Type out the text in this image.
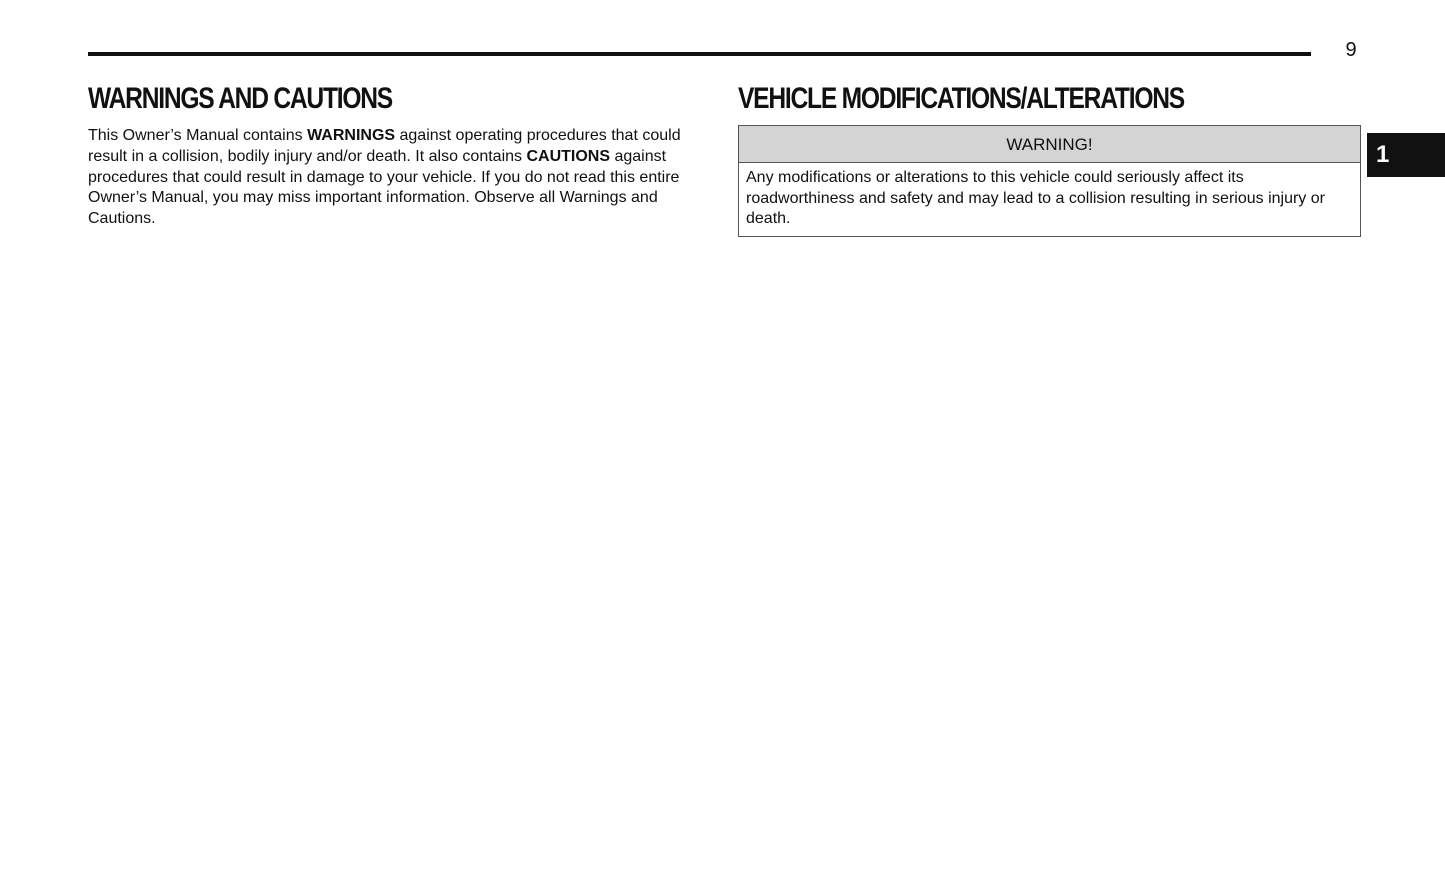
9
WARNINGS AND CAUTIONS

This Owner’s Manual contains WARNINGS against operating procedures that could result in a collision, bodily injury and/or death. It also contains CAUTIONS against procedures that could result in damage to your vehicle. If you do not read this entire Owner’s Manual, you may miss important information. Observe all Warnings and Cautions.

VEHICLE MODIFICATIONS/ALTERATIONS
WARNING!
Any modifications or alterations to this vehicle could seriously affect its roadworthiness and safety and may lead to a collision resulting in serious injury or death.
1
